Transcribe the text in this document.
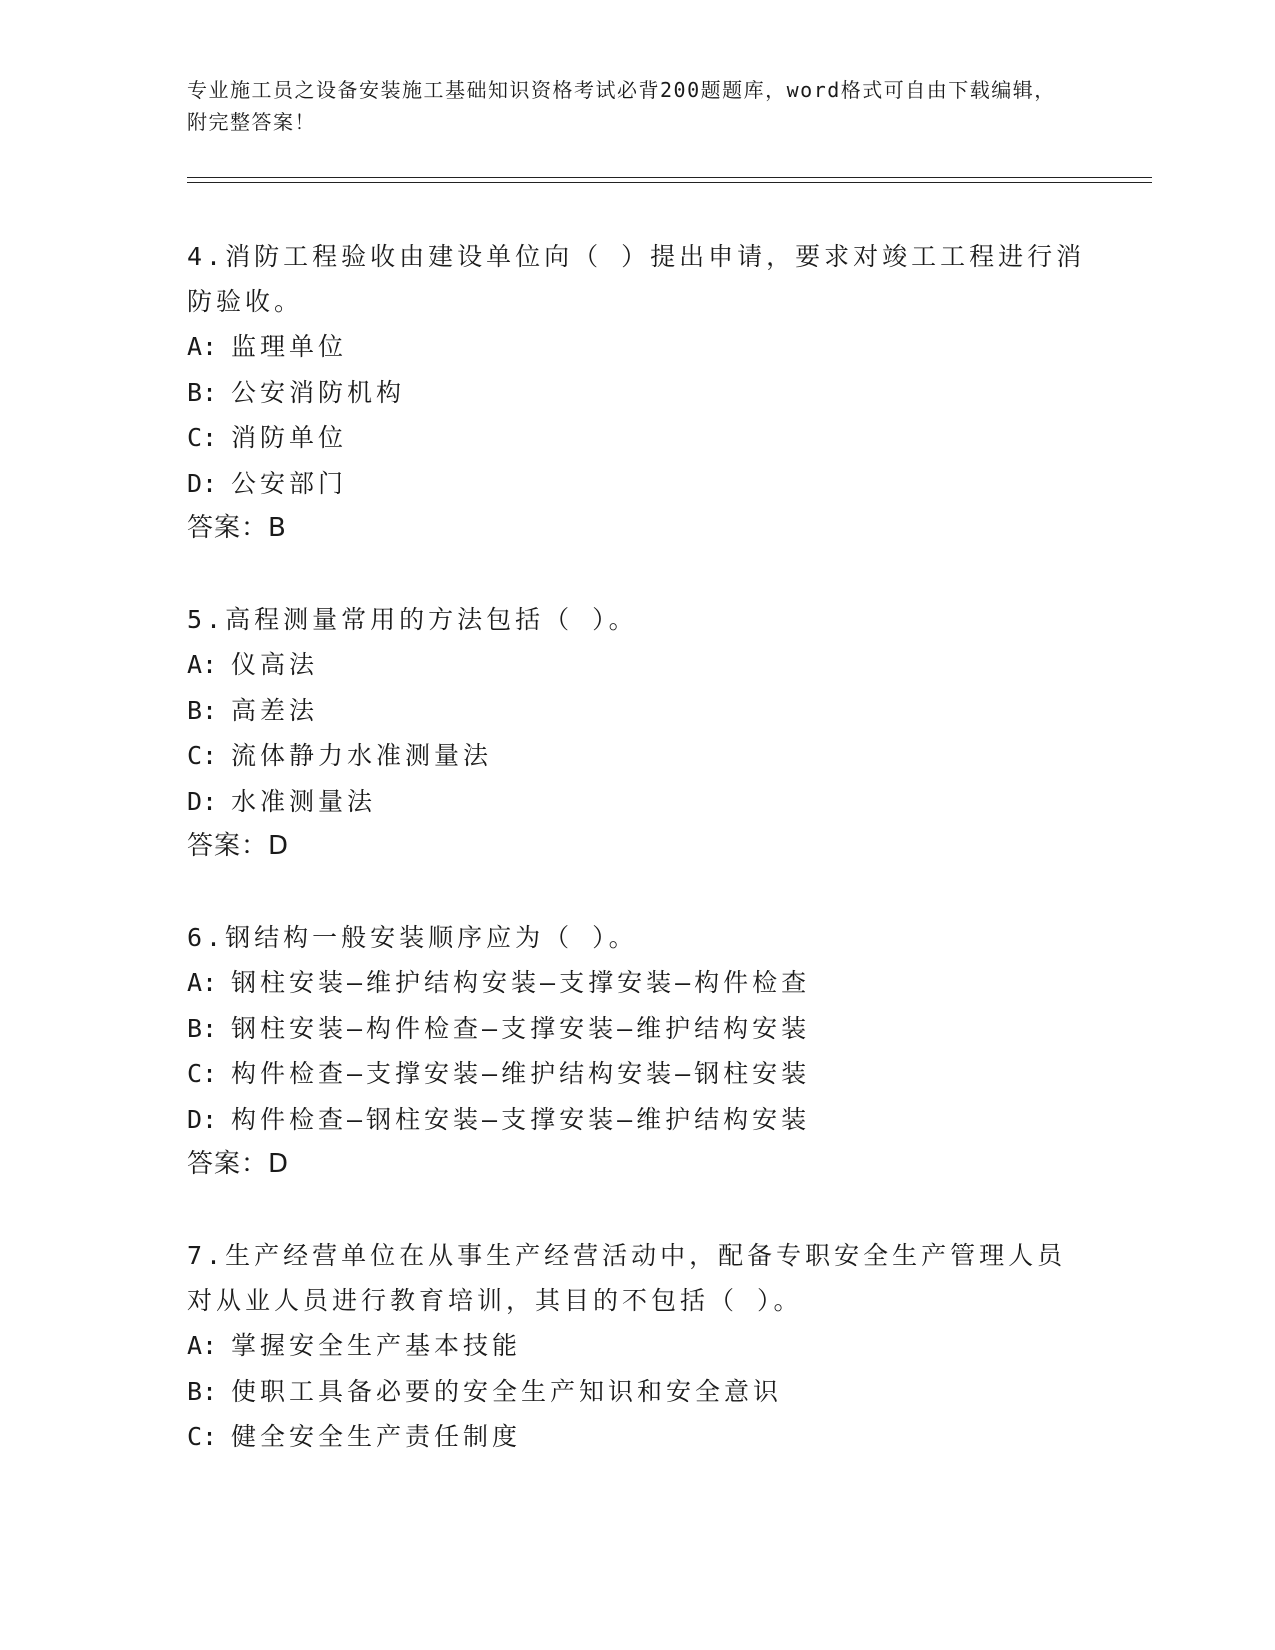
专业施工员之设备安装施工基础知识资格考试必背200题题库，word格式可自由下载编辑，附完整答案！

4.消防工程验收由建设单位向（ ）提出申请，要求对竣工工程进行消防验收。

A: 监理单位
B: 公安消防机构
C: 消防单位
D: 公安部门
答案：B

5.高程测量常用的方法包括（ ）。

A: 仪高法
B: 高差法
C: 流体静力水准测量法
D: 水准测量法
答案：D

6.钢结构一般安装顺序应为（ ）。

A: 钢柱安装—维护结构安装—支撑安装—构件检查
B: 钢柱安装—构件检查—支撑安装—维护结构安装
C: 构件检查—支撑安装—维护结构安装—钢柱安装
D: 构件检查—钢柱安装—支撑安装—维护结构安装
答案：D

7.生产经营单位在从事生产经营活动中，配备专职安全生产管理人员对从业人员进行教育培训，其目的不包括（ ）。

A: 掌握安全生产基本技能
B: 使职工具备必要的安全生产知识和安全意识
C: 健全安全生产责任制度
